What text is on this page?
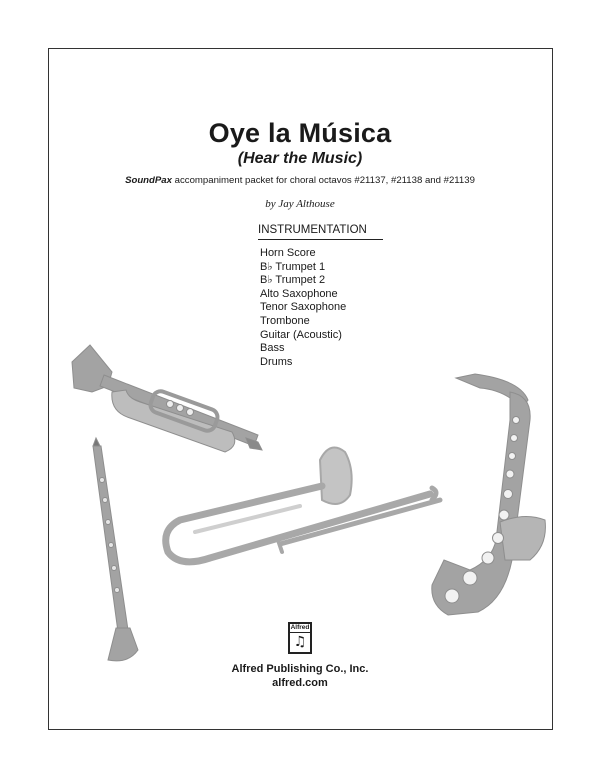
Oye la Música
(Hear the Music)
SoundPax accompaniment packet for choral octavos #21137, #21138 and #21139
by Jay Althouse
INSTRUMENTATION
Horn Score
B♭ Trumpet 1
B♭ Trumpet 2
Alto Saxophone
Tenor Saxophone
Trombone
Guitar (Acoustic)
Bass
Drums
Alfred
♫
Alfred Publishing Co., Inc.
alfred.com
